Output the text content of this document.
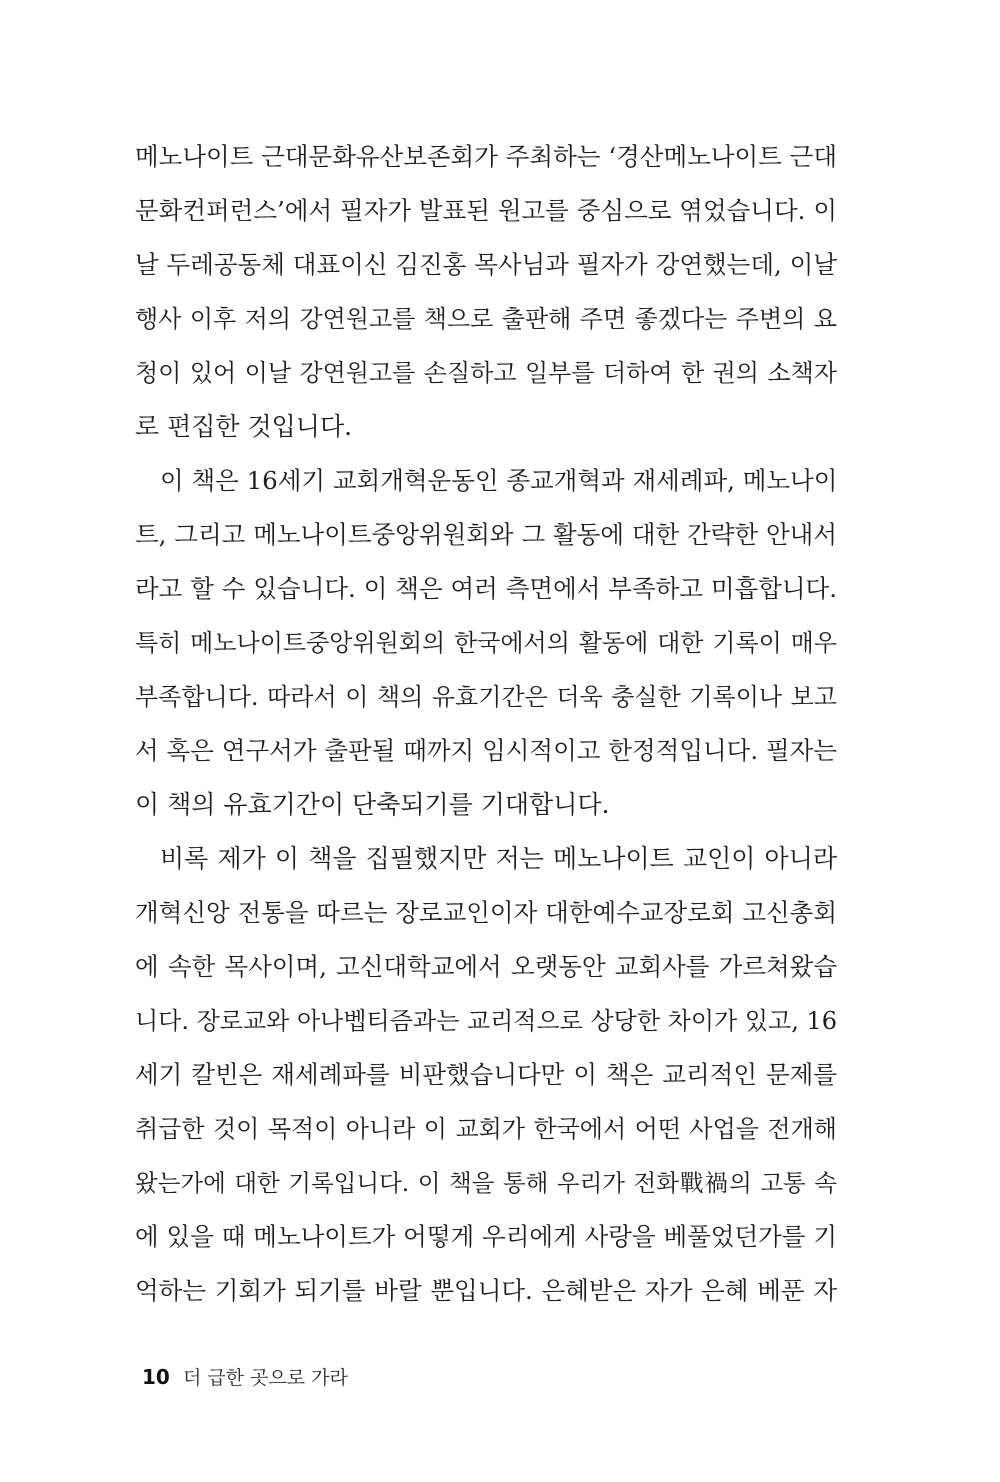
메노나이트 근대문화유산보존회가 주최하는 ‘경산메노나이트 근대
문화컨퍼런스’에서 필자가 발표된 원고를 중심으로 엮었습니다. 이
날 두레공동체 대표이신 김진홍 목사님과 필자가 강연했는데, 이날
행사 이후 저의 강연원고를 책으로 출판해 주면 좋겠다는 주변의 요
청이 있어 이날 강연원고를 손질하고 일부를 더하여 한 권의 소책자
로 편집한 것입니다.
이 책은 16세기 교회개혁운동인 종교개혁과 재세례파, 메노나이
트, 그리고 메노나이트중앙위원회와 그 활동에 대한 간략한 안내서
라고 할 수 있습니다. 이 책은 여러 측면에서 부족하고 미흡합니다.
특히 메노나이트중앙위원회의 한국에서의 활동에 대한 기록이 매우
부족합니다. 따라서 이 책의 유효기간은 더욱 충실한 기록이나 보고
서 혹은 연구서가 출판될 때까지 임시적이고 한정적입니다. 필자는
이 책의 유효기간이 단축되기를 기대합니다.
비록 제가 이 책을 집필했지만 저는 메노나이트 교인이 아니라
개혁신앙 전통을 따르는 장로교인이자 대한예수교장로회 고신총회
에 속한 목사이며, 고신대학교에서 오랫동안 교회사를 가르쳐왔습
니다. 장로교와 아나벱티즘과는 교리적으로 상당한 차이가 있고, 16
세기 칼빈은 재세례파를 비판했습니다만 이 책은 교리적인 문제를
취급한 것이 목적이 아니라 이 교회가 한국에서 어떤 사업을 전개해
왔는가에 대한 기록입니다. 이 책을 통해 우리가 전화戰禍의 고통 속
에 있을 때 메노나이트가 어떻게 우리에게 사랑을 베풀었던가를 기
억하는 기회가 되기를 바랄 뿐입니다. 은혜받은 자가 은혜 베푼 자
10 더 급한 곳으로 가라
